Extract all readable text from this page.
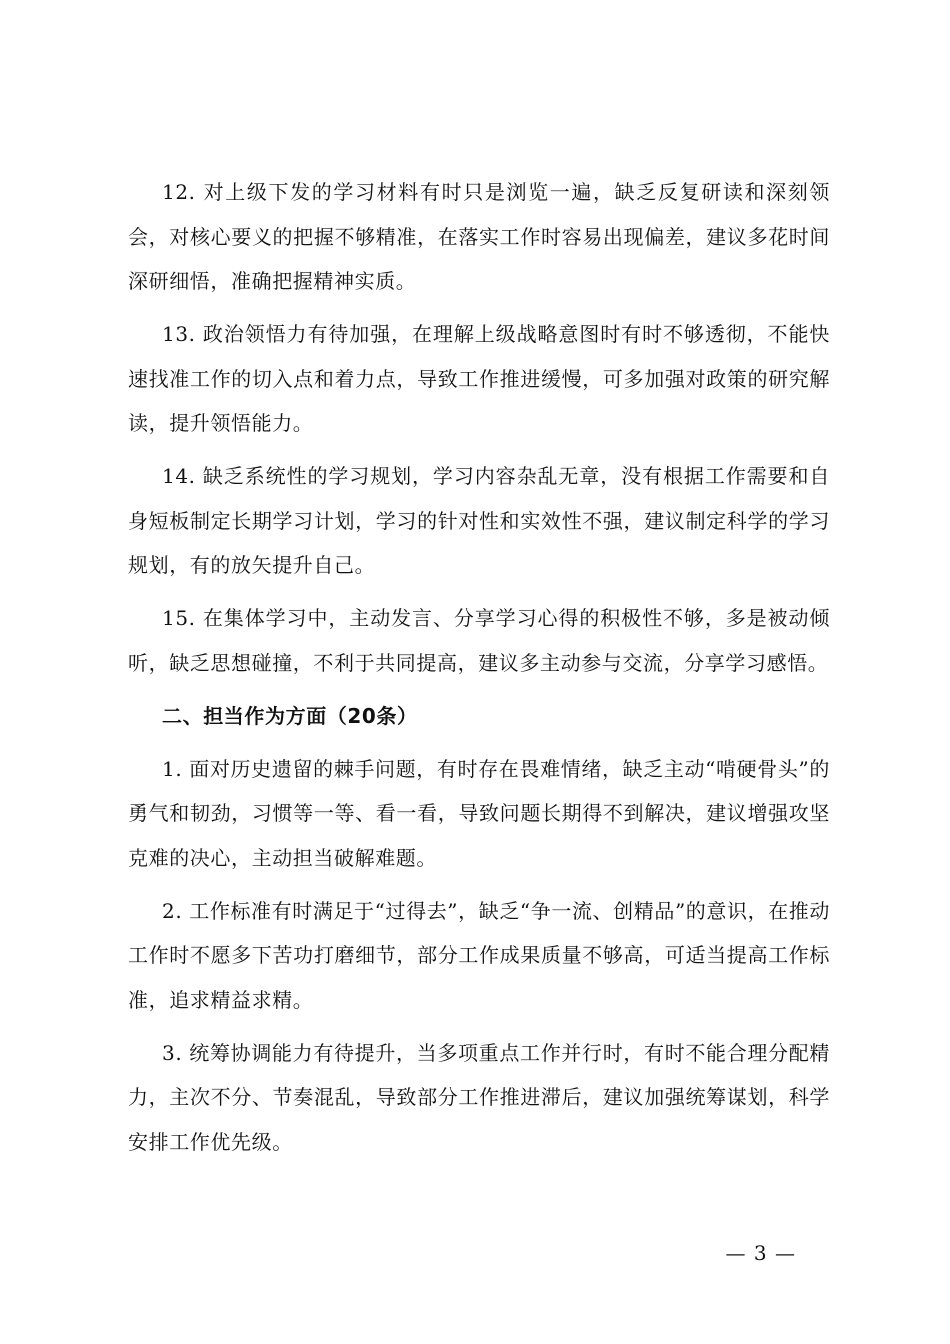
12. 对上级下发的学习材料有时只是浏览一遍，缺乏反复研读和深刻领会，对核心要义的把握不够精准，在落实工作时容易出现偏差，建议多花时间深研细悟，准确把握精神实质。

13. 政治领悟力有待加强，在理解上级战略意图时有时不够透彻，不能快速找准工作的切入点和着力点，导致工作推进缓慢，可多加强对政策的研究解读，提升领悟能力。

14. 缺乏系统性的学习规划，学习内容杂乱无章，没有根据工作需要和自身短板制定长期学习计划，学习的针对性和实效性不强，建议制定科学的学习规划，有的放矢提升自己。

15. 在集体学习中，主动发言、分享学习心得的积极性不够，多是被动倾听，缺乏思想碰撞，不利于共同提高，建议多主动参与交流，分享学习感悟。

二、担当作为方面（20条）

1. 面对历史遗留的棘手问题，有时存在畏难情绪，缺乏主动“啃硬骨头”的勇气和韧劲，习惯等一等、看一看，导致问题长期得不到解决，建议增强攻坚克难的决心，主动担当破解难题。

2. 工作标准有时满足于“过得去”，缺乏“争一流、创精品”的意识，在推动工作时不愿多下苦功打磨细节，部分工作成果质量不够高，可适当提高工作标准，追求精益求精。

3. 统筹协调能力有待提升，当多项重点工作并行时，有时不能合理分配精力，主次不分、节奏混乱，导致部分工作推进滞后，建议加强统筹谋划，科学安排工作优先级。

— 3 —
